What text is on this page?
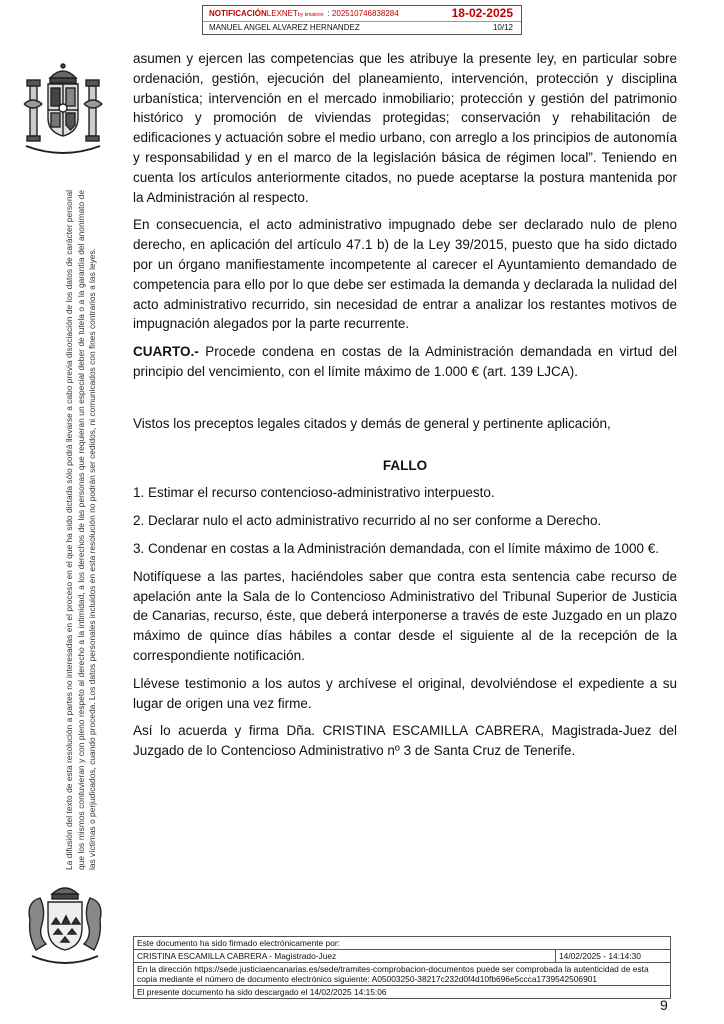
NOTIFICACIÓNLEXNETby kmaleon : 202510746838284	18-02-2025
MANUEL ANGEL ALVAREZ HERNANDEZ	10/12
La difusión del texto de esta resolución a partes no interesadas en el proceso en el que ha sido dictada sólo podrá llevarse a cabo previa disociación de los datos de carácter personal que los mismos contuvieran y con pleno respeto al derecho a la intimidad, a los derechos de las personas que requieran un especial deber de tutela o a la garantía del anonimato de las víctimas o perjudicados, cuando proceda. Los datos personales incluidos en esta resolución no podrán ser cedidos, ni comunicados con fines contrarios a las leyes.

asumen y ejercen las competencias que les atribuye la presente ley, en particular sobre ordenación, gestión, ejecución del planeamiento, intervención, protección y disciplina urbanística; intervención en el mercado inmobiliario; protección y gestión del patrimonio histórico y promoción de viviendas protegidas; conservación y rehabilitación de edificaciones y actuación sobre el medio urbano, con arreglo a los principios de autonomía y responsabilidad y en el marco de la legislación básica de régimen local”. Teniendo en cuenta los artículos anteriormente citados, no puede aceptarse la postura mantenida por la Administración al respecto.

En consecuencia, el acto administrativo impugnado debe ser declarado nulo de pleno derecho, en aplicación del artículo 47.1 b) de la Ley 39/2015, puesto que ha sido dictado por un órgano manifiestamente incompetente al carecer el Ayuntamiento demandado de competencia para ello por lo que debe ser estimada la demanda y declarada la nulidad del acto administrativo recurrido, sin necesidad de entrar a analizar los restantes motivos de impugnación alegados por la parte recurrente.

CUARTO.- Procede condena en costas de la Administración demandada en virtud del principio del vencimiento, con el límite máximo de 1.000 € (art. 139 LJCA).

Vistos los preceptos legales citados y demás de general y pertinente aplicación,

FALLO

1. Estimar el recurso contencioso-administrativo interpuesto.

2. Declarar nulo el acto administrativo recurrido al no ser conforme a Derecho.

3. Condenar en costas a la Administración demandada, con el límite máximo de 1000 €.

Notifíquese a las partes, haciéndoles saber que contra esta sentencia cabe recurso de apelación ante la Sala de lo Contencioso Administrativo del Tribunal Superior de Justicia de Canarias, recurso, éste, que deberá interponerse a través de este Juzgado en un plazo máximo de quince días hábiles a contar desde el siguiente al de la recepción de la correspondiente notificación.

Llévese testimonio a los autos y archívese el original, devolviéndose el expediente a su lugar de origen una vez firme.

Así lo acuerda y firma Dña. CRISTINA ESCAMILLA CABRERA, Magistrada-Juez del Juzgado de lo Contencioso Administrativo nº 3 de Santa Cruz de Tenerife.

Este documento ha sido firmado electrónicamente por:
CRISTINA ESCAMILLA CABRERA - Magistrado-Juez	14/02/2025 - 14:14:30
En la dirección https://sede.justiciaencanarias.es/sede/tramites-comprobacion-documentos puede ser comprobada la autenticidad de esta copia mediante el número de documento electrónico siguiente: A05003250-38217c232d0f4d10fb696e5ccca1739542506901
El presente documento ha sido descargado el 14/02/2025 14:15:06
9
